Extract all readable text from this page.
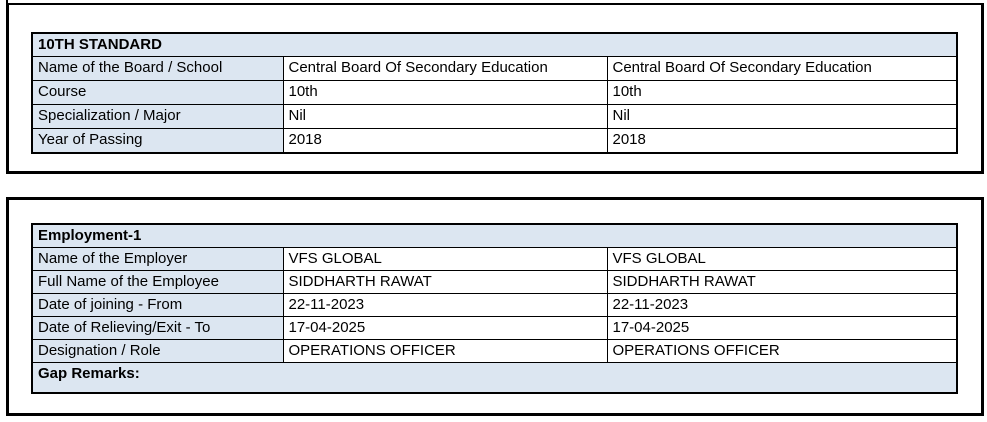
10TH STANDARD		
Name of the Board / School	Central Board Of Secondary Education	Central Board Of Secondary Education
Course	10th	10th
Specialization / Major	Nil	Nil
Year of Passing	2018	2018
Employment-1		
Name of the Employer	VFS GLOBAL	VFS GLOBAL
Full Name of the Employee	SIDDHARTH RAWAT	SIDDHARTH RAWAT
Date of joining - From	22-11-2023	22-11-2023
Date of Relieving/Exit - To	17-04-2025	17-04-2025
Designation / Role	OPERATIONS OFFICER	OPERATIONS OFFICER
Gap Remarks:		
